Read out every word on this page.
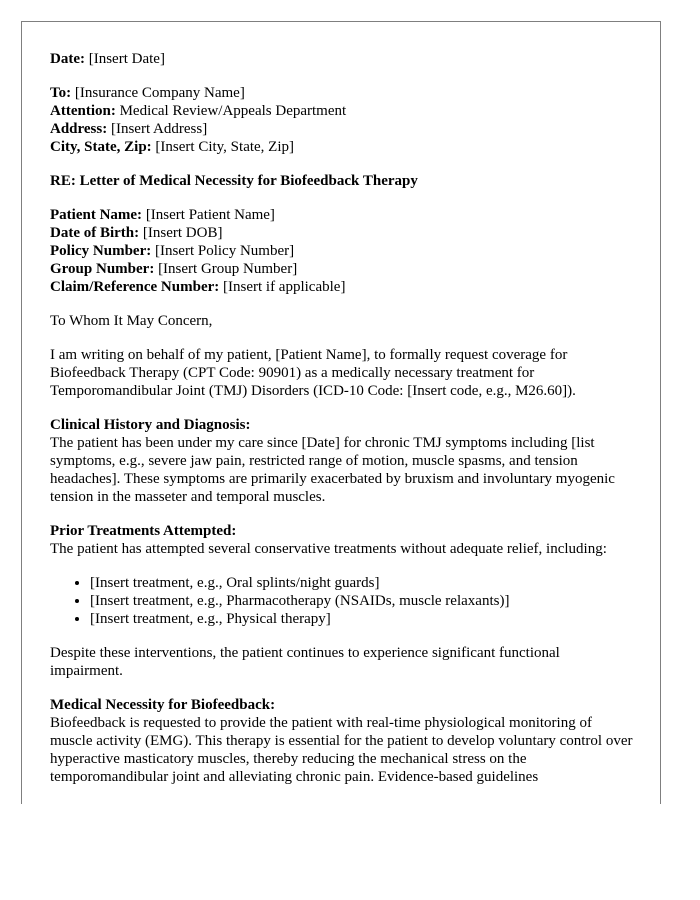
Date: [Insert Date]

To: [Insurance Company Name]

Attention: Medical Review/Appeals Department

Address: [Insert Address]

City, State, Zip: [Insert City, State, Zip]

RE: Letter of Medical Necessity for Biofeedback Therapy

Patient Name: [Insert Patient Name]

Date of Birth: [Insert DOB]

Policy Number: [Insert Policy Number]

Group Number: [Insert Group Number]

Claim/Reference Number: [Insert if applicable]

To Whom It May Concern,

I am writing on behalf of my patient, [Patient Name], to formally request coverage for Biofeedback Therapy (CPT Code: 90901) as a medically necessary treatment for Temporomandibular Joint (TMJ) Disorders (ICD-10 Code: [Insert code, e.g., M26.60]).

Clinical History and Diagnosis:

The patient has been under my care since [Date] for chronic TMJ symptoms including [list symptoms, e.g., severe jaw pain, restricted range of motion, muscle spasms, and tension headaches]. These symptoms are primarily exacerbated by bruxism and involuntary myogenic tension in the masseter and temporal muscles.

Prior Treatments Attempted:

The patient has attempted several conservative treatments without adequate relief, including:

• [Insert treatment, e.g., Oral splints/night guards]
• [Insert treatment, e.g., Pharmacotherapy (NSAIDs, muscle relaxants)]
• [Insert treatment, e.g., Physical therapy]

Despite these interventions, the patient continues to experience significant functional impairment.

Medical Necessity for Biofeedback:

Biofeedback is requested to provide the patient with real-time physiological monitoring of muscle activity (EMG). This therapy is essential for the patient to develop voluntary control over hyperactive masticatory muscles, thereby reducing the mechanical stress on the temporomandibular joint and alleviating chronic pain. Evidence-based guidelines
